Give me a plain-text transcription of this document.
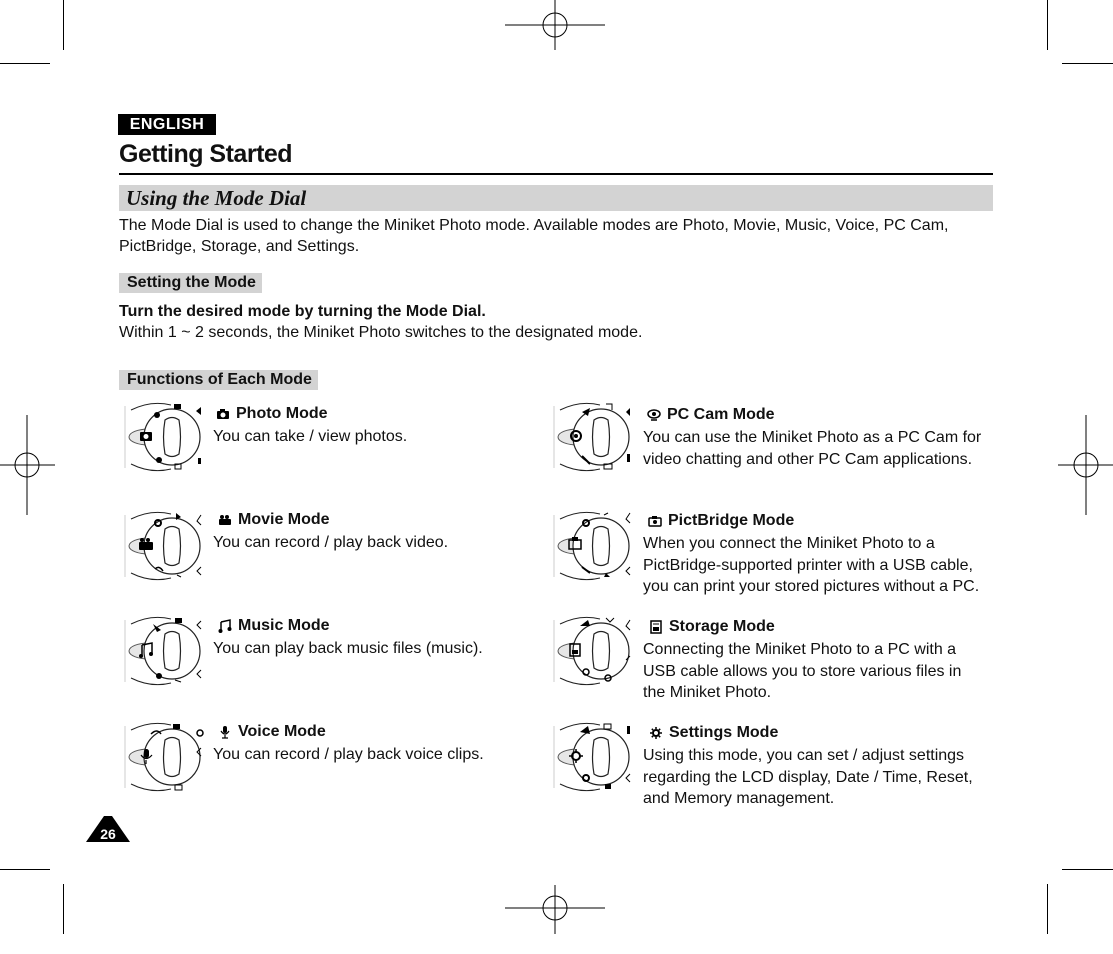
ENGLISH
Getting Started
Using the Mode Dial
The Mode Dial is used to change the Miniket Photo mode. Available modes are Photo, Movie, Music, Voice, PC Cam, PictBridge, Storage, and Settings.
Setting the Mode
Turn the desired mode by turning the Mode Dial.
Within 1 ~ 2 seconds, the Miniket Photo switches to the designated mode.
Functions of Each Mode
Photo Mode
You can take / view photos.
Movie Mode
You can record / play back video.
Music Mode
You can play back music files (music).
Voice Mode
You can record / play back voice clips.
PC Cam Mode
You can use the Miniket Photo as a PC Cam for video chatting and other PC Cam applications.
PictBridge Mode
When you connect the Miniket Photo to a PictBridge-supported printer with a USB cable, you can print your stored pictures without a PC.
Storage Mode
Connecting the Miniket Photo to a PC with a USB cable allows you to store various files in the Miniket Photo.
Settings Mode
Using this mode, you can set / adjust settings regarding the LCD display, Date / Time, Reset, and Memory management.
26
